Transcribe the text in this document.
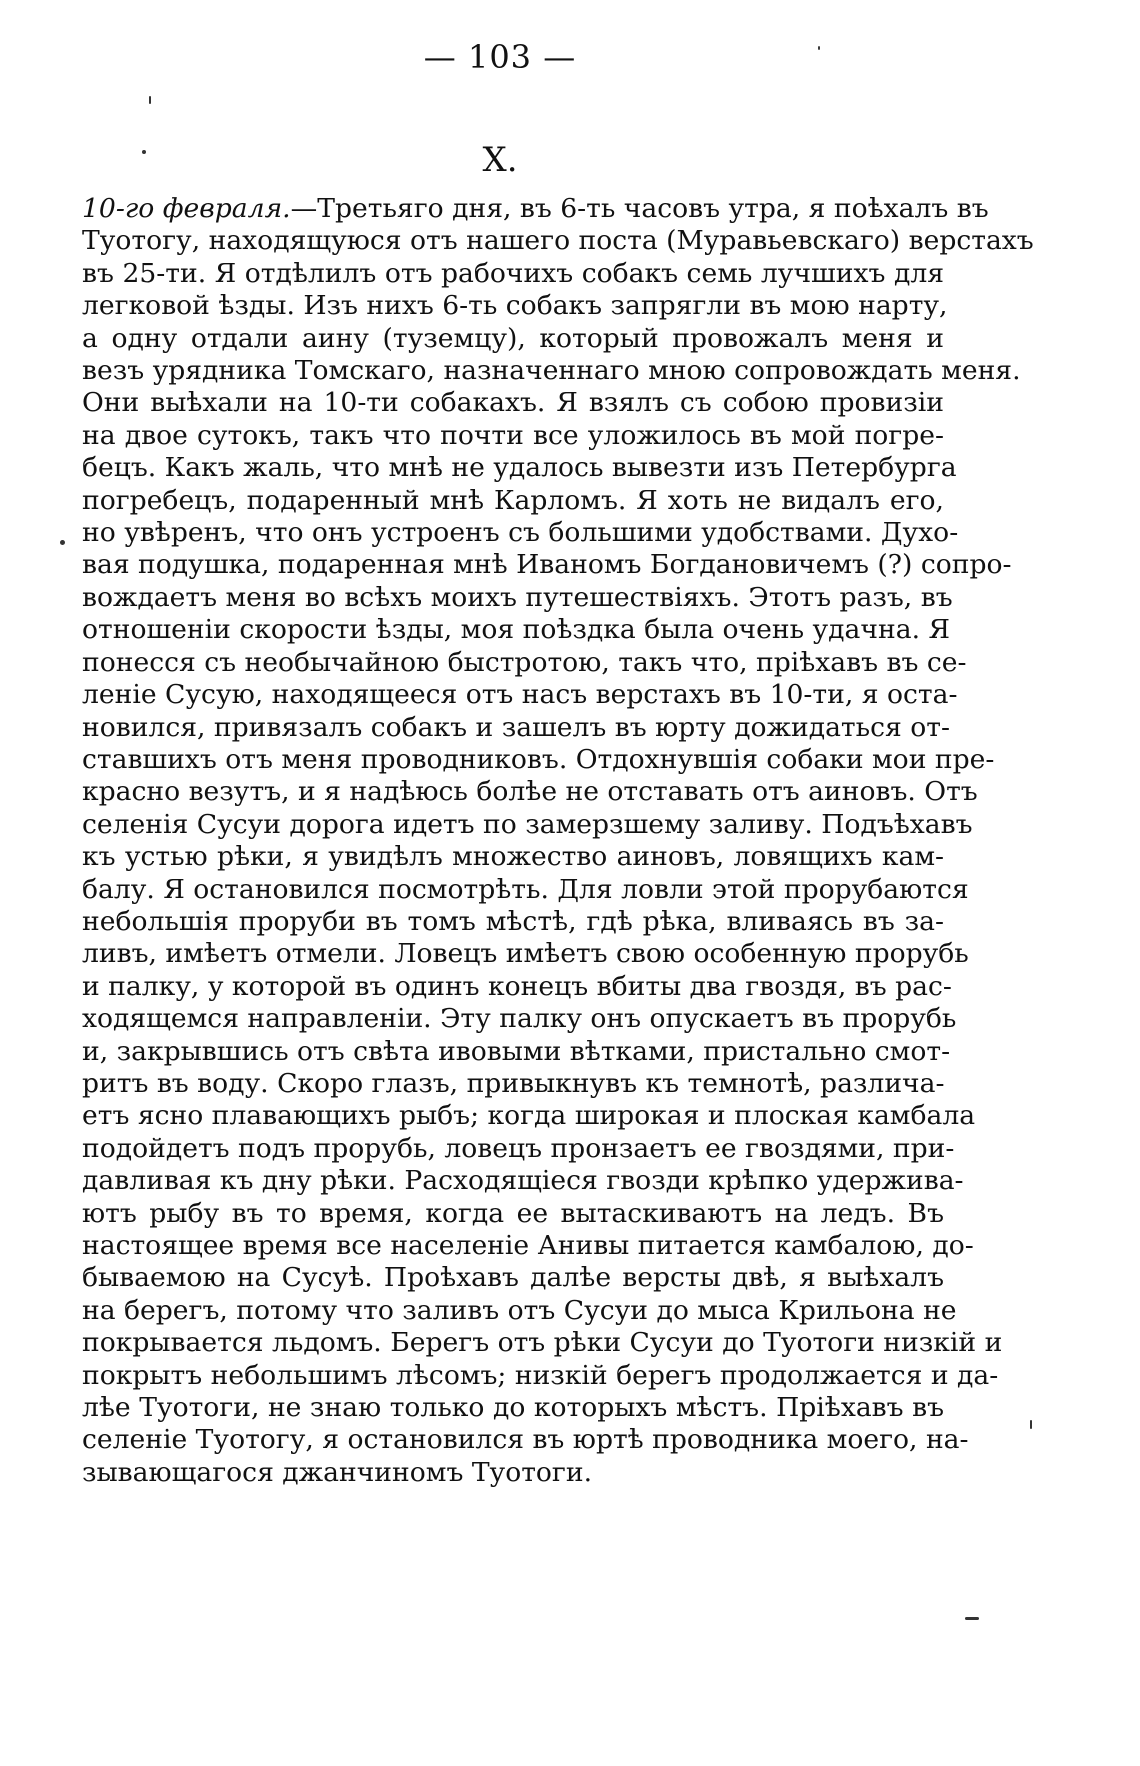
— 103 —
X.
10-го февраля.—Третьяго дня, въ 6-ть часовъ утра, я поѣхалъ въ
Туотогу, находящуюся отъ нашего поста (Муравьевскаго) верстахъ
въ 25-ти. Я отдѣлилъ отъ рабочихъ собакъ семь лучшихъ для
легковой ѣзды. Изъ нихъ 6-ть собакъ запрягли въ мою нарту,
а одну отдали аину (туземцу), который провожалъ меня и
везъ урядника Томскаго, назначеннаго мною сопровождать меня.
Они выѣхали на 10-ти собакахъ. Я взялъ съ собою провизіи
на двое сутокъ, такъ что почти все уложилось въ мой погре-
бецъ. Какъ жаль, что мнѣ не удалось вывезти изъ Петербурга
погребецъ, подаренный мнѣ Карломъ. Я хоть не видалъ его,
но увѣренъ, что онъ устроенъ съ большими удобствами. Духо-
вая подушка, подаренная мнѣ Иваномъ Богдановичемъ (?) сопро-
вождаетъ меня во всѣхъ моихъ путешествіяхъ. Этотъ разъ, въ
отношеніи скорости ѣзды, моя поѣздка была очень удачна. Я
понесся съ необычайною быстротою, такъ что, пріѣхавъ въ се-
леніе Сусую, находящееся отъ насъ верстахъ въ 10-ти, я оста-
новился, привязалъ собакъ и зашелъ въ юрту дожидаться от-
ставшихъ отъ меня проводниковъ. Отдохнувшія собаки мои пре-
красно везутъ, и я надѣюсь болѣе не отставать отъ аиновъ. Отъ
селенія Сусуи дорога идетъ по замерзшему заливу. Подъѣхавъ
къ устью рѣки, я увидѣлъ множество аиновъ, ловящихъ кам-
балу. Я остановился посмотрѣть. Для ловли этой прорубаются
небольшія проруби въ томъ мѣстѣ, гдѣ рѣка, вливаясь въ за-
ливъ, имѣетъ отмели. Ловецъ имѣетъ свою особенную прорубь
и палку, у которой въ одинъ конецъ вбиты два гвоздя, въ рас-
ходящемся направленіи. Эту палку онъ опускаетъ въ прорубь
и, закрывшись отъ свѣта ивовыми вѣтками, пристально смот-
ритъ въ воду. Скоро глазъ, привыкнувъ къ темнотѣ, различа-
етъ ясно плавающихъ рыбъ; когда широкая и плоская камбала
подойдетъ подъ прорубь, ловецъ пронзаетъ ее гвоздями, при-
давливая къ дну рѣки. Расходящіеся гвозди крѣпко удержива-
ютъ рыбу въ то время, когда ее вытаскиваютъ на ледъ. Въ
настоящее время все населеніе Анивы питается камбалою, до-
бываемою на Сусуѣ. Проѣхавъ далѣе версты двѣ, я выѣхалъ
на берегъ, потому что заливъ отъ Сусуи до мыса Крильона не
покрывается льдомъ. Берегъ отъ рѣки Сусуи до Туотоги низкій и
покрытъ небольшимъ лѣсомъ; низкій берегъ продолжается и да-
лѣе Туотоги, не знаю только до которыхъ мѣстъ. Пріѣхавъ въ
селеніе Туотогу, я остановился въ юртѣ проводника моего, на-
зывающагося джанчиномъ Туотоги.
